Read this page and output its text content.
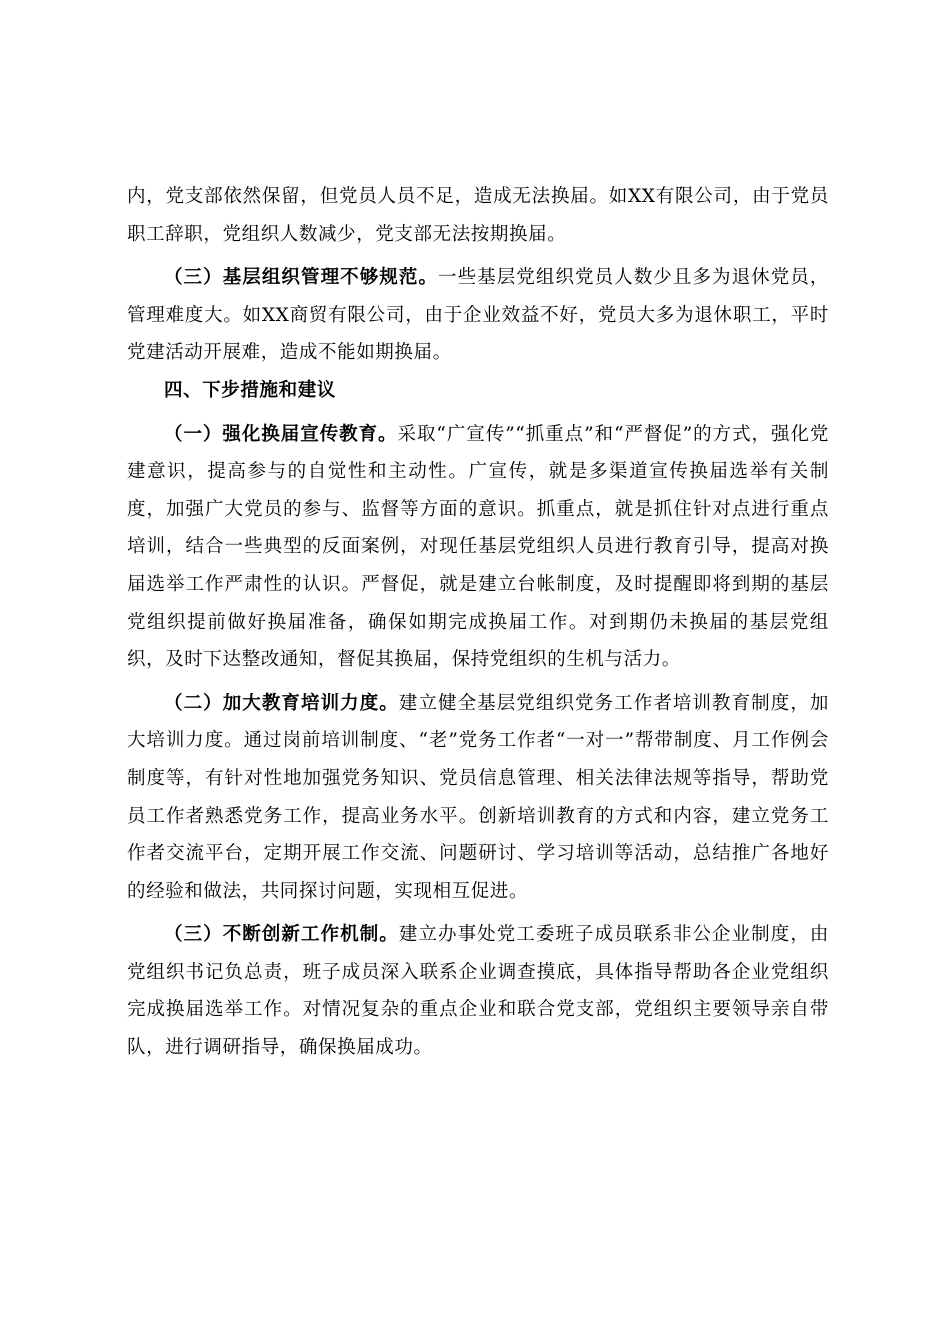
内，党支部依然保留，但党员人员不足，造成无法换届。如XX有限公司，由于党员职工辞职，党组织人数减少，党支部无法按期换届。

（三）基层组织管理不够规范。一些基层党组织党员人数少且多为退休党员，管理难度大。如XX商贸有限公司，由于企业效益不好，党员大多为退休职工，平时党建活动开展难，造成不能如期换届。

四、下步措施和建议

（一）强化换届宣传教育。采取“广宣传”“抓重点”和“严督促”的方式，强化党建意识，提高参与的自觉性和主动性。广宣传，就是多渠道宣传换届选举有关制度，加强广大党员的参与、监督等方面的意识。抓重点，就是抓住针对点进行重点培训，结合一些典型的反面案例，对现任基层党组织人员进行教育引导，提高对换届选举工作严肃性的认识。严督促，就是建立台帐制度，及时提醒即将到期的基层党组织提前做好换届准备，确保如期完成换届工作。对到期仍未换届的基层党组织，及时下达整改通知，督促其换届，保持党组织的生机与活力。

（二）加大教育培训力度。建立健全基层党组织党务工作者培训教育制度，加大培训力度。通过岗前培训制度、“老”党务工作者“一对一”帮带制度、月工作例会制度等，有针对性地加强党务知识、党员信息管理、相关法律法规等指导，帮助党员工作者熟悉党务工作，提高业务水平。创新培训教育的方式和内容，建立党务工作者交流平台，定期开展工作交流、问题研讨、学习培训等活动，总结推广各地好的经验和做法，共同探讨问题，实现相互促进。

（三）不断创新工作机制。建立办事处党工委班子成员联系非公企业制度，由党组织书记负总责，班子成员深入联系企业调查摸底，具体指导帮助各企业党组织完成换届选举工作。对情况复杂的重点企业和联合党支部，党组织主要领导亲自带队，进行调研指导，确保换届成功。
